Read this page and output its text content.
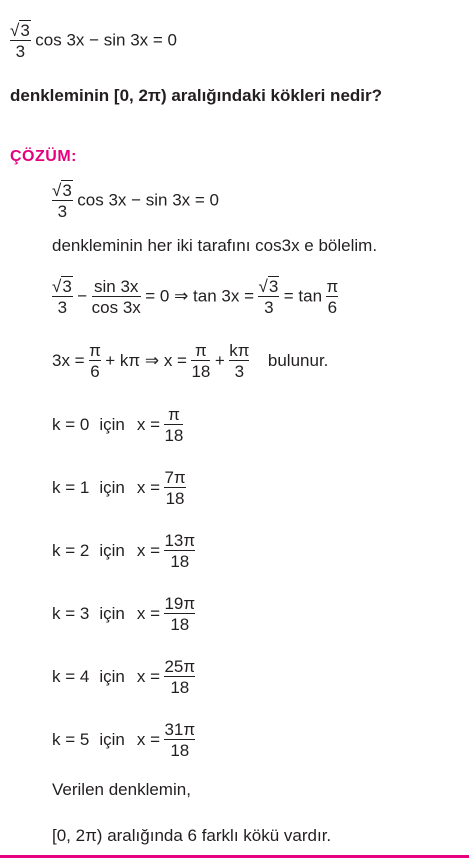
$\frac{√3}{3}$ cos 3x − sin 3x = 0
denkleminin [0, 2π) aralığındaki kökleri nedir?
ÇÖZÜM:
$\frac{√3}{3}$ cos 3x − sin 3x = 0
denkleminin her iki tarafını cos3x e bölelim.
$\frac{√3}{3} - \frac{\sin 3x}{\cos 3x} = 0$ ⇒ $\tan 3x = \frac{√3}{3} = \tan \frac{\pi}{6}$
$3x = \frac{\pi}{6} + k\pi$ ⇒ $x = \frac{\pi}{18} + \frac{k\pi}{3}$ bulunur.
k = 0 için $x = \frac{\pi}{18}$
k = 1 için $x = \frac{7\pi}{18}$
k = 2 için $x = \frac{13\pi}{18}$
k = 3 için $x = \frac{19\pi}{18}$
k = 4 için $x = \frac{25\pi}{18}$
k = 5 için $x = \frac{31\pi}{18}$
Verilen denklemin,
[0, 2π) aralığında 6 farklı kökü vardır.
